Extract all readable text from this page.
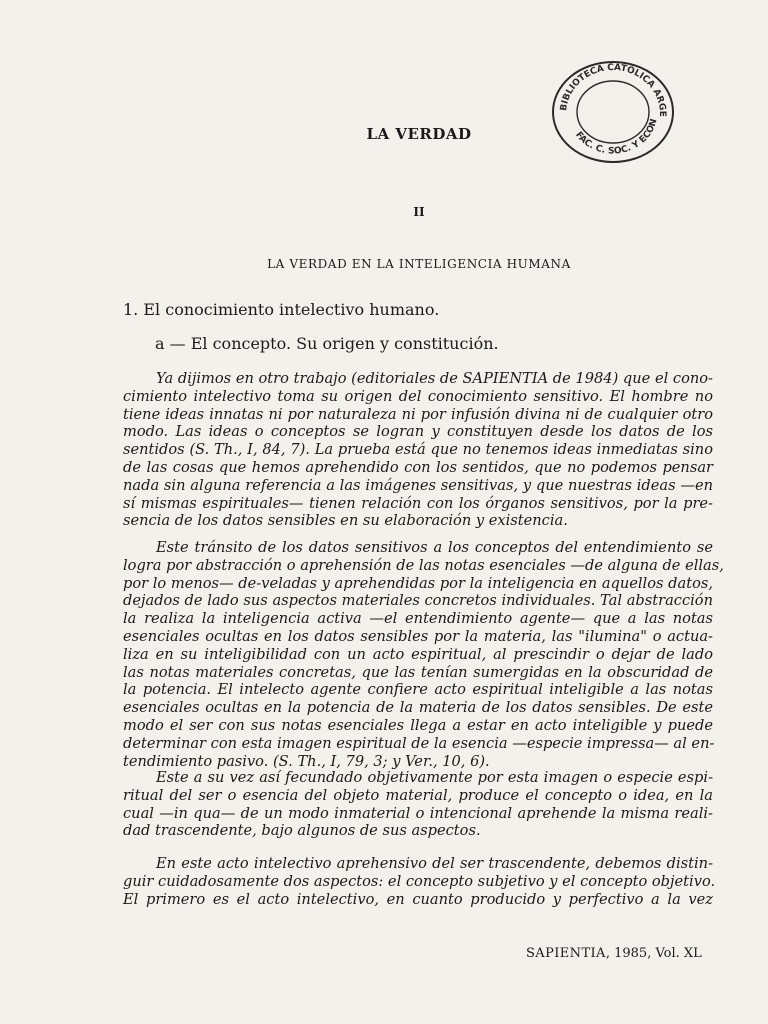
BIBLIOTECA CATÓLICA ARGE
FAC. C. SOC. Y ECON
LA VERDAD
II
LA VERDAD EN LA INTELIGENCIA HUMANA
1. El conocimiento intelectivo humano.
a — El concepto. Su origen y constitución.
Ya dijimos en otro trabajo (editoriales de SAPIENTIA de 1984) que el cono-
cimiento intelectivo toma su origen del conocimiento sensitivo. El hombre no
tiene ideas innatas ni por naturaleza ni por infusión divina ni de cualquier otro
modo. Las ideas o conceptos se logran y constituyen desde los datos de los
sentidos (S. Th., I, 84, 7). La prueba está que no tenemos ideas inmediatas sino
de las cosas que hemos aprehendido con los sentidos, que no podemos pensar
nada sin alguna referencia a las imágenes sensitivas, y que nuestras ideas —en
sí mismas espirituales— tienen relación con los órganos sensitivos, por la pre-
sencia de los datos sensibles en su elaboración y existencia.
Este tránsito de los datos sensitivos a los conceptos del entendimiento se
logra por abstracción o aprehensión de las notas esenciales —de alguna de ellas,
por lo menos— de-veladas y aprehendidas por la inteligencia en aquellos datos,
dejados de lado sus aspectos materiales concretos individuales. Tal abstracción
la realiza la inteligencia activa —el entendimiento agente— que a las notas
esenciales ocultas en los datos sensibles por la materia, las "ilumina" o actua-
liza en su inteligibilidad con un acto espiritual, al prescindir o dejar de lado
las notas materiales concretas, que las tenían sumergidas en la obscuridad de
la potencia. El intelecto agente confiere acto espiritual inteligible a las notas
esenciales ocultas en la potencia de la materia de los datos sensibles. De este
modo el ser con sus notas esenciales llega a estar en acto inteligible y puede
determinar con esta imagen espiritual de la esencia —especie impressa— al en-
tendimiento pasivo. (S. Th., I, 79, 3; y Ver., 10, 6).
Este a su vez así fecundado objetivamente por esta imagen o especie espi-
ritual del ser o esencia del objeto material, produce el concepto o idea, en la
cual —in qua— de un modo inmaterial o intencional aprehende la misma reali-
dad trascendente, bajo algunos de sus aspectos.
En este acto intelectivo aprehensivo del ser trascendente, debemos distin-
guir cuidadosamente dos aspectos: el concepto subjetivo y el concepto objetivo.
El primero es el acto intelectivo, en cuanto producido y perfectivo a la vez
SAPIENTIA, 1985, Vol. XL
